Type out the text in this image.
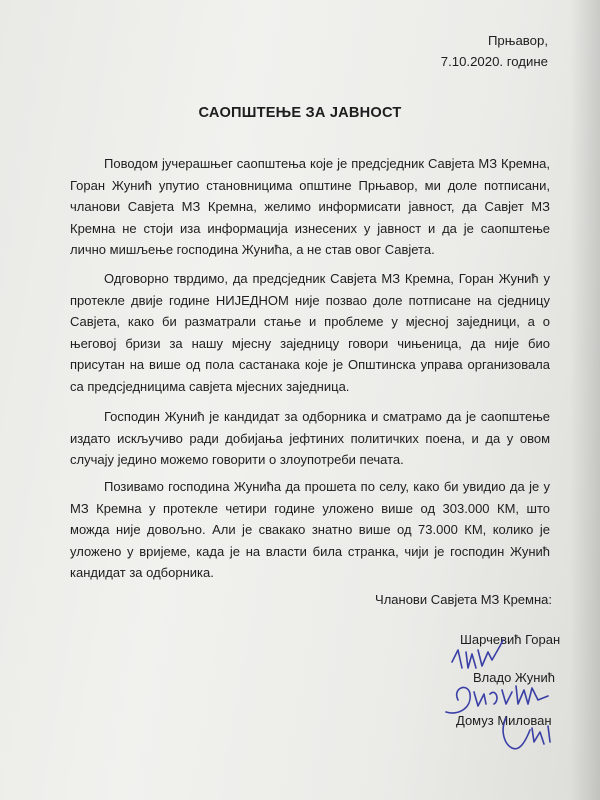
Прњавор,
7.10.2020. године
САОПШТЕЊЕ ЗА ЈАВНОСТ
Поводом јучерашњег саопштења које је предсједник Савјета МЗ Кремна, Горан Жунић упутио становницима општине Прњавор, ми доле потписани, чланови Савјета МЗ Кремна, желимо информисати јавност, да Савјет МЗ Кремна не стоји иза информација изнесених у јавност и да је саопштење лично мишљење господина Жунића, а не став овог Савјета.
Одговорно тврдимо, да предсједник Савјета МЗ Кремна, Горан Жунић у протекле двије године НИЈЕДНОМ није позвао доле потписане на сједницу Савјета, како би разматрали стање и проблеме у мјесној заједници, а о његовој бризи за нашу мјесну заједницу говори чињеница, да није био присутан на више од пола састанака које је Општинска управа организовала са предсједницима савјета мјесних заједница.
Господин Жунић је кандидат за одборника и сматрамо да је саопштење издато искључиво ради добијања јефтиних политичких поена, и да у овом случају једино можемо говорити о злоупотреби печата.
Позивамо господина Жунића да прошета по селу, како би увидио да је у МЗ Кремна у протекле четири године уложено више од 303.000 КМ, што можда није довољно. Али је свакако знатно више од 73.000 КМ, колико је уложено у вријеме, када је на власти била странка, чији је господин Жунић кандидат за одборника.
Чланови Савјета МЗ Кремна:
Шарчевић Горан
Владо Жунић
Домуз Милован
